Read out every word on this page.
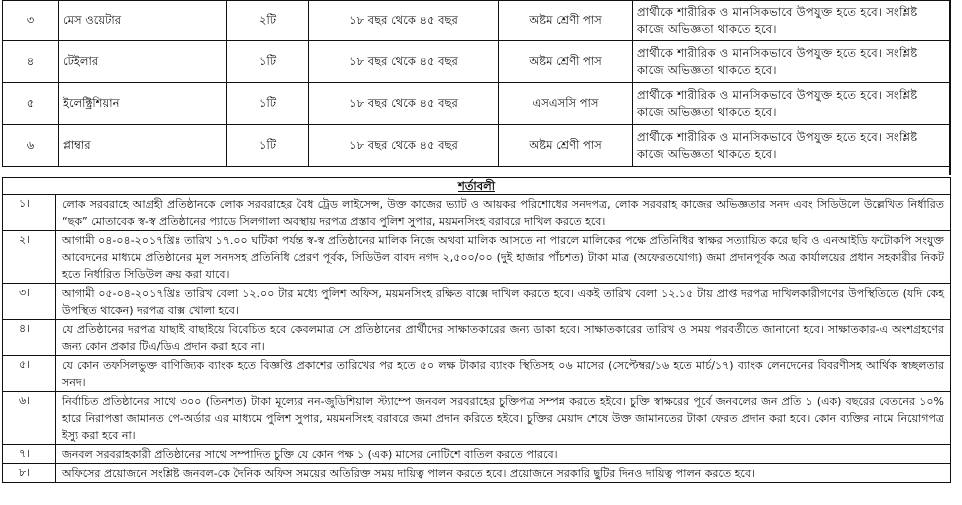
৩	মেস ওয়েটার	২টি	১৮ বছর থেকে ৪৫ বছর	অষ্টম শ্রেণী পাস	প্রার্থীকে শারীরিক ও মানসিকভাবে উপযুক্ত হতে হবে। সংশ্লিষ্ট কাজে অভিজ্ঞতা থাকতে হবে।
৪	টেইলার	১টি	১৮ বছর থেকে ৪৫ বছর	অষ্টম শ্রেণী পাস	প্রার্থীকে শারীরিক ও মানসিকভাবে উপযুক্ত হতে হবে। সংশ্লিষ্ট কাজে অভিজ্ঞতা থাকতে হবে।
৫	ইলেক্ট্রিশিয়ান	১টি	১৮ বছর থেকে ৪৫ বছর	এসএসসি পাস	প্রার্থীকে শারীরিক ও মানসিকভাবে উপযুক্ত হতে হবে। সংশ্লিষ্ট কাজে অভিজ্ঞতা থাকতে হবে।
৬	প্লাম্বার	১টি	১৮ বছর থেকে ৪৫ বছর	অষ্টম শ্রেণী পাস	প্রার্থীকে শারীরিক ও মানসিকভাবে উপযুক্ত হতে হবে। সংশ্লিষ্ট কাজে অভিজ্ঞতা থাকতে হবে।
শর্তাবলী
১।	লোক সরবরাহে আগ্রহী প্রতিষ্ঠানকে লোক সরবরাহের বৈধ ট্রেড লাইসেন্স, উক্ত কাজের ভ্যাট ও আয়কর পরিশোধের সনদপত্র, লোক সরবরাহ কাজের অভিজ্ঞতার সনদ এবং সিডিউলে উল্লেখিত নির্ধারিত “ছক” মোতাবেক স্ব-স্ব প্রতিষ্ঠানের প্যাডে সিলগালা অবস্থায় দরপত্র প্রস্তাব পুলিশ সুপার, ময়মনসিংহ বরাবরে দাখিল করতে হবে।
২।	আগামী ০৪-০৪-২০১৭খ্রিঃ তারিখ ১৭.০০ ঘটিকা পর্যন্ত স্ব-স্ব প্রতিষ্ঠানের মালিক নিজে অথবা মালিক আসতে না পারলে মালিকের পক্ষে প্রতিনিধির স্বাক্ষর সত্যায়িত করে ছবি ও এনআইডি ফটোকপি সংযুক্ত আবেদনের মাধ্যমে প্রতিষ্ঠানের মূল সনদসহ প্রতিনিধি প্রেরণ পূর্বক, সিডিউল বাবদ নগদ ২,৫০০/০০ (দুই হাজার পাঁচশত) টাকা মাত্র (অফেরতযোগ্য) জমা প্রদানপূর্বক অত্র কার্যালয়ের প্রধান সহকারীর নিকট হতে নির্ধারিত সিডিউল ক্রয় করা যাবে।
৩।	আগামী ০৫-০৪-২০১৭খ্রিঃ তারিখ বেলা ১২.০০ টার মধ্যে পুলিশ অফিস, ময়মনসিংহ রক্ষিত বাক্সে দাখিল করতে হবে। একই তারিখ বেলা ১২.১৫ টায় প্রাপ্ত দরপত্র দাখিলকারীগণের উপস্থিতিতে (যদি কেহ উপস্থিত থাকেন) দরপত্র বাক্স খোলা হবে।
৪।	যে প্রতিষ্ঠানের দরপত্র যাছাই বাছাইয়ে বিবেচিত হবে কেবলমাত্র সে প্রতিষ্ঠানের প্রার্থীদের সাক্ষাতকারের জন্য ডাকা হবে। সাক্ষাতকারের তারিখ ও সময় পরবর্তীতে জানানো হবে। সাক্ষাতকার-এ অংশগ্রহণের জন্য কোন প্রকার টিএ/ডিএ প্রদান করা হবে না।
৫।	যে কোন তফসিলভুক্ত বাণিজ্যিক ব্যাংক হতে বিজ্ঞপ্তি প্রকাশের তারিখের পর হতে ৫০ লক্ষ টাকার ব্যাংক স্থিতিসহ ০৬ মাসের (সেপ্টেম্বর/১৬ হতে মার্চ/১৭) ব্যাংক লেনদেনের বিবরণীসহ আর্থিক স্বচ্ছলতার সনদ।
৬।	নির্বাচিত প্রতিষ্ঠানের সাথে ৩০০ (তিনশত) টাকা মূল্যের নন-জুডিশিয়াল স্ট্যাম্পে জনবল সরবরাহের চুক্তিপত্র সম্পন্ন করতে হইবে। চুক্তি স্বাক্ষরের পূর্বে জনবলের জন প্রতি ১ (এক) বছরের বেতনের ১০% হারে নিরাপত্তা জামানত পে-অর্ডার এর মাধ্যমে পুলিশ সুপার, ময়মনসিংহ বরাবরে জমা প্রদান করিতে হইবে। চুক্তির মেয়াদ শেষে উক্ত জামানতের টাকা ফেরত প্রদান করা হবে। কোন ব্যক্তির নামে নিয়োগপত্র ইস্যু করা হবে না।
৭।	জনবল সরবরাহকারী প্রতিষ্ঠানের সাথে সম্পাদিত চুক্তি যে কোন পক্ষ ১ (এক) মাসের নোটিশে বাতিল করতে পারবে।
৮।	অফিসের প্রয়োজনে সংশ্লিষ্ট জনবল-কে দৈনিক অফিস সময়ের অতিরিক্ত সময় দায়িত্ব পালন করতে হবে। প্রয়োজনে সরকারি ছুটির দিনও দায়িত্ব পালন করতে হবে।
